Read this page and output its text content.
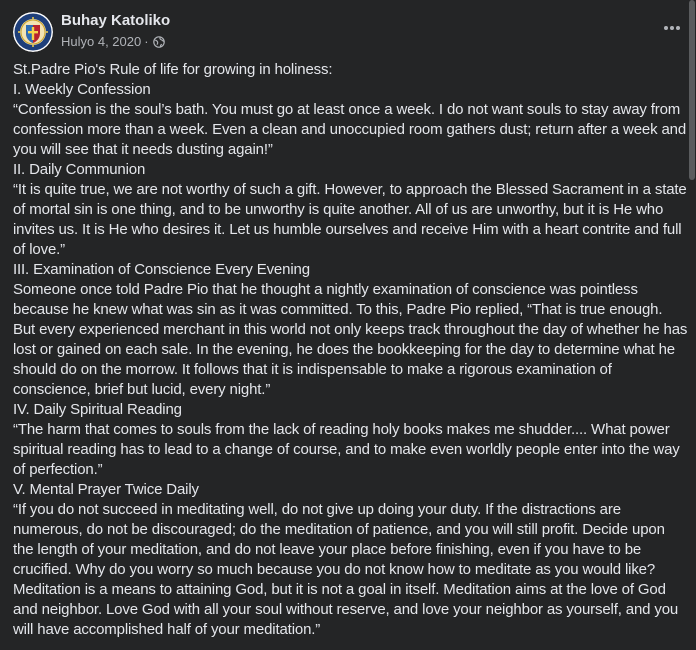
Buhay Katoliko
Hulyo 4, 2020 ·

St.Padre Pio's Rule of life for growing in holiness:

I. Weekly Confession

“Confession is the soul’s bath. You must go at least once a week. I do not want souls to stay away from confession more than a week. Even a clean and unoccupied room gathers dust; return after a week and you will see that it needs dusting again!”

II. Daily Communion

“It is quite true, we are not worthy of such a gift. However, to approach the Blessed Sacrament in a state of mortal sin is one thing, and to be unworthy is quite another. All of us are unworthy, but it is He who invites us. It is He who desires it. Let us humble ourselves and receive Him with a heart contrite and full of love.”

III. Examination of Conscience Every Evening

Someone once told Padre Pio that he thought a nightly examination of conscience was pointless because he knew what was sin as it was committed. To this, Padre Pio replied, “That is true enough. But every experienced merchant in this world not only keeps track throughout the day of whether he has lost or gained on each sale. In the evening, he does the bookkeeping for the day to determine what he should do on the morrow. It follows that it is indispensable to make a rigorous examination of conscience, brief but lucid, every night.”

IV. Daily Spiritual Reading

“The harm that comes to souls from the lack of reading holy books makes me shudder.... What power spiritual reading has to lead to a change of course, and to make even worldly people enter into the way of perfection.”

V. Mental Prayer Twice Daily

“If you do not succeed in meditating well, do not give up doing your duty. If the distractions are numerous, do not be discouraged; do the meditation of patience, and you will still profit. Decide upon the length of your meditation, and do not leave your place before finishing, even if you have to be crucified. Why do you worry so much because you do not know how to meditate as you would like? Meditation is a means to attaining God, but it is not a goal in itself. Meditation aims at the love of God and neighbor. Love God with all your soul without reserve, and love your neighbor as yourself, and you will have accomplished half of your meditation.”
